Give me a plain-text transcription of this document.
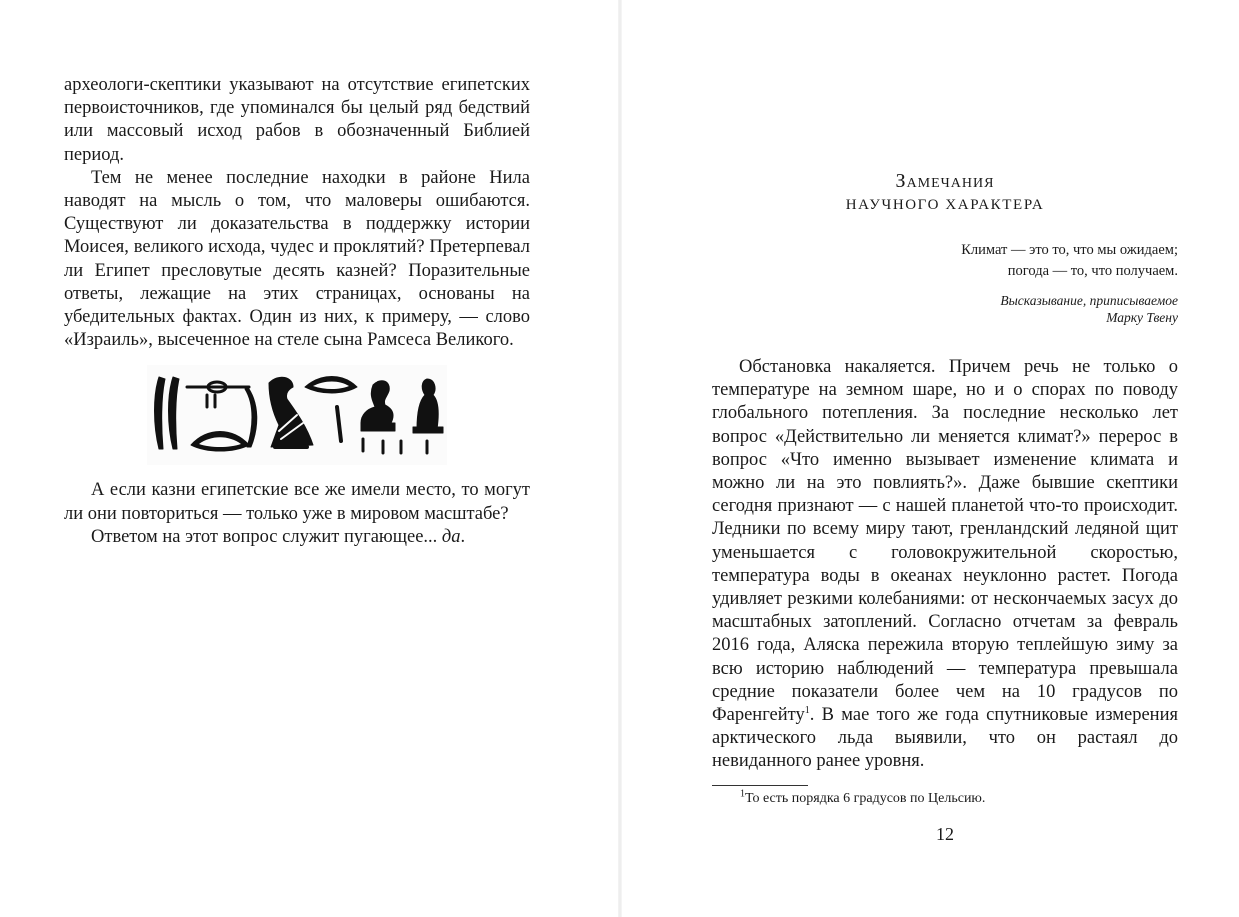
археологи-скептики указывают на отсутствие египетских первоисточников, где упоминался бы целый ряд бедствий или массовый исход рабов в обозначенный Библией период.

Тем не менее последние находки в районе Нила наводят на мысль о том, что маловеры ошибаются. Существуют ли доказательства в поддержку истории Моисея, великого исхода, чудес и проклятий? Претерпевал ли Египет пресловутые десять казней? Поразительные ответы, лежащие на этих страницах, основаны на убедительных фактах. Один из них, к примеру, — слово «Израиль», высеченное на стеле сына Рамсеса Великого.

А если казни египетские все же имели место, то могут ли они повториться — только уже в мировом масштабе?

Ответом на этот вопрос служит пугающее... да.

Замечания
НАУЧНОГО ХАРАКТЕРА
Климат — это то, что мы ожидаем;
погода — то, что получаем.
Высказывание, приписываемое
Марку Твену

Обстановка накаляется. Причем речь не только о температуре на земном шаре, но и о спорах по поводу глобального потепления. За последние несколько лет вопрос «Действительно ли меняется климат?» перерос в вопрос «Что именно вызывает изменение климата и можно ли на это повлиять?». Даже бывшие скептики сегодня признают — с нашей планетой что-то происходит. Ледники по всему миру тают, гренландский ледяной щит уменьшается с головокружительной скоростью, температура воды в океанах неуклонно растет. Погода удивляет резкими колебаниями: от нескончаемых засух до масштабных затоплений. Согласно отчетам за февраль 2016 года, Аляска пережила вторую теплейшую зиму за всю историю наблюдений — температура превышала средние показатели более чем на 10 градусов по Фаренгейту$^1$. В мае того же года спутниковые измерения арктического льда выявили, что он растаял до невиданного ранее уровня.

$^1$То есть порядка 6 градусов по Цельсию.
12
